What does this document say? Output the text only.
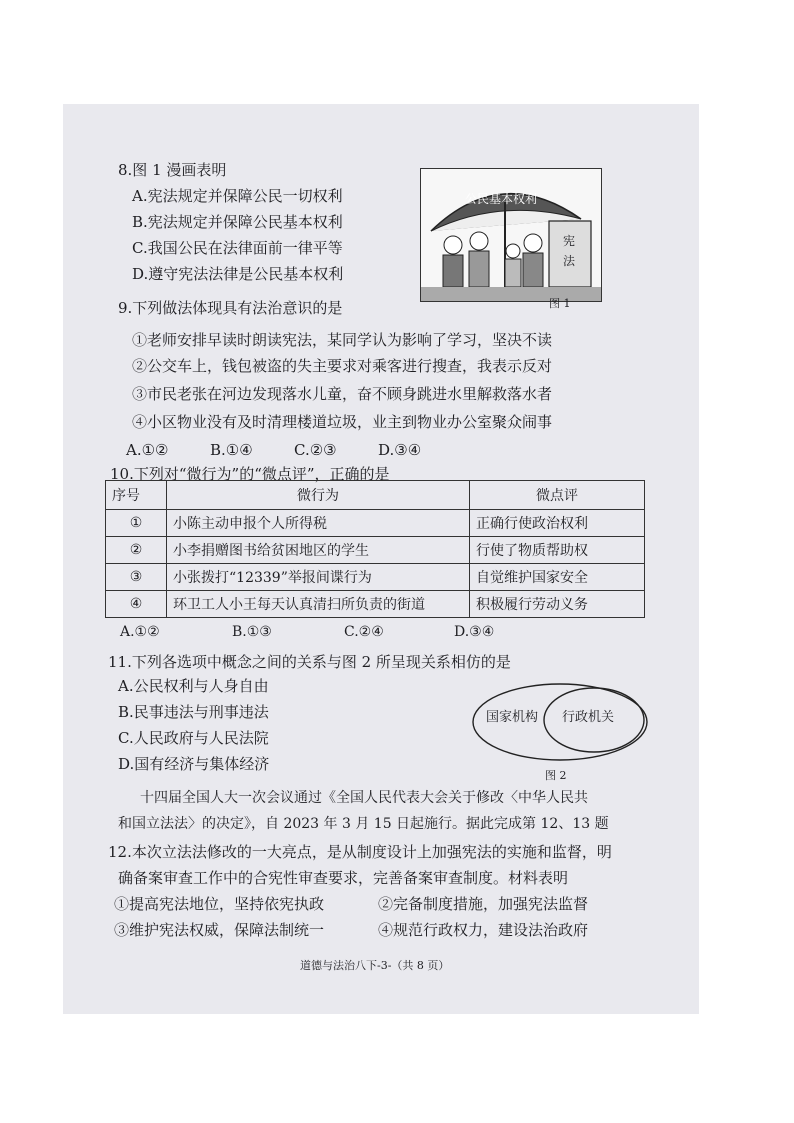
8.图 1 漫画表明
A.宪法规定并保障公民一切权利
B.宪法规定并保障公民基本权利
C.我国公民在法律面前一律平等
D.遵守宪法法律是公民基本权利
公民基本权利
宪
法
图 1
9.下列做法体现具有法治意识的是
①老师安排早读时朗读宪法，某同学认为影响了学习，坚决不读
②公交车上，钱包被盗的失主要求对乘客进行搜查，我表示反对
③市民老张在河边发现落水儿童，奋不顾身跳进水里解救落水者
④小区物业没有及时清理楼道垃圾，业主到物业办公室聚众闹事
A.①②	B.①④	C.②③	D.③④
10.下列对“微行为”的“微点评”，正确的是
序号	微行为	微点评
①	小陈主动申报个人所得税	正确行使政治权利
②	小李捐赠图书给贫困地区的学生	行使了物质帮助权
③	小张拨打“12339”举报间谍行为	自觉维护国家安全
④	环卫工人小王每天认真清扫所负责的街道	积极履行劳动义务
A.①②	B.①③	C.②④	D.③④
11.下列各选项中概念之间的关系与图 2 所呈现关系相仿的是
A.公民权利与人身自由
B.民事违法与刑事违法
C.人民政府与人民法院
D.国有经济与集体经济
国家机构 行政机关
图 2
十四届全国人大一次会议通过《全国人民代表大会关于修改〈中华人民共
和国立法法〉的决定》，自 2023 年 3 月 15 日起施行。据此完成第 12、13 题
12.本次立法法修改的一大亮点，是从制度设计上加强宪法的实施和监督，明
确备案审查工作中的合宪性审查要求，完善备案审查制度。材料表明
①提高宪法地位，坚持依宪执政	②完备制度措施，加强宪法监督
③维护宪法权威，保障法制统一	④规范行政权力，建设法治政府
道德与法治八下-3-（共 8 页）
